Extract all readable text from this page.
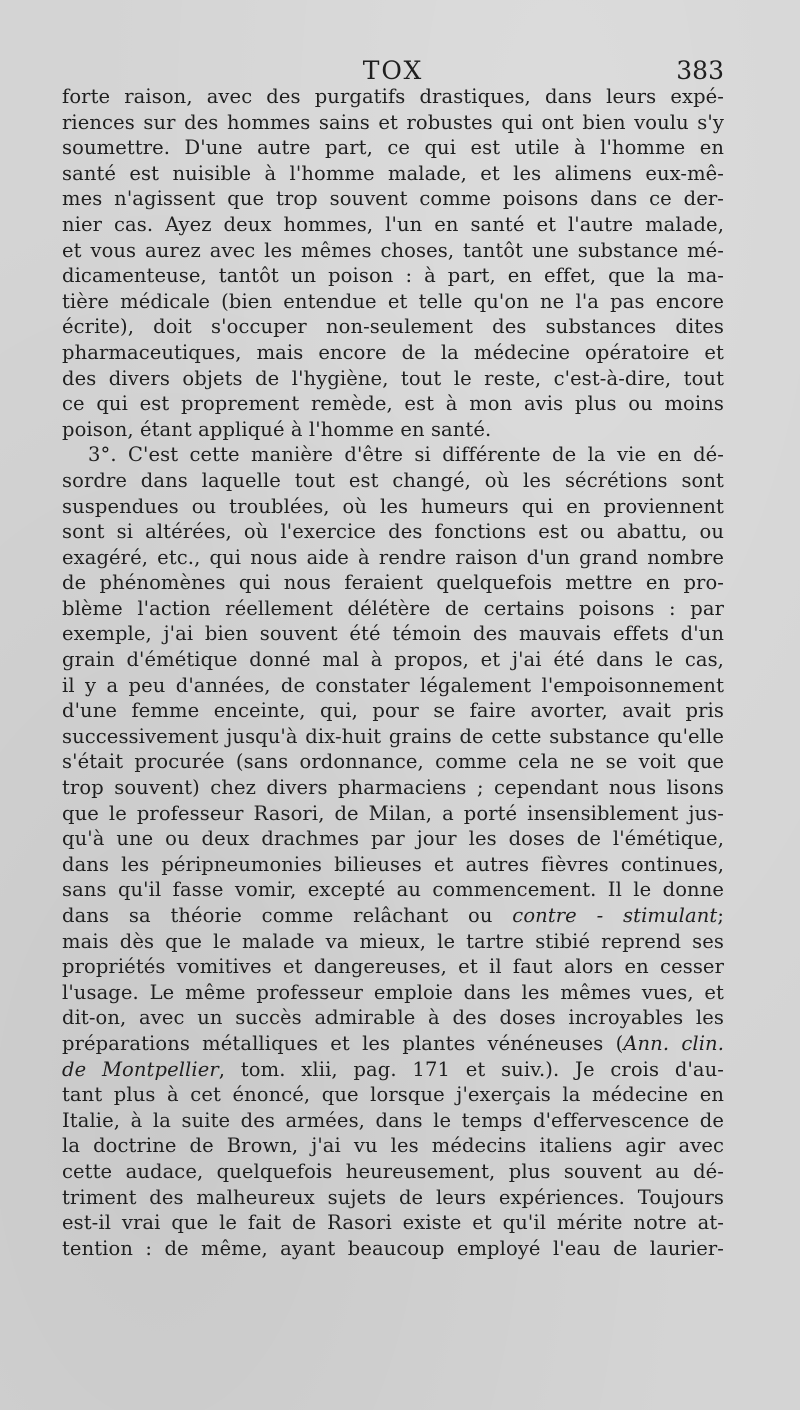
TOX	383
forte raison, avec des purgatifs drastiques, dans leurs expé-
riences sur des hommes sains et robustes qui ont bien voulu s'y
soumettre. D'une autre part, ce qui est utile à l'homme en
santé est nuisible à l'homme malade, et les alimens eux-mê-
mes n'agissent que trop souvent comme poisons dans ce der-
nier cas. Ayez deux hommes, l'un en santé et l'autre malade,
et vous aurez avec les mêmes choses, tantôt une substance mé-
dicamenteuse, tantôt un poison : à part, en effet, que la ma-
tière médicale (bien entendue et telle qu'on ne l'a pas encore
écrite), doit s'occuper non-seulement des substances dites
pharmaceutiques, mais encore de la médecine opératoire et
des divers objets de l'hygiène, tout le reste, c'est-à-dire, tout
ce qui est proprement remède, est à mon avis plus ou moins
poison, étant appliqué à l'homme en santé.
3°. C'est cette manière d'être si différente de la vie en dé-
sordre dans laquelle tout est changé, où les sécrétions sont
suspendues ou troublées, où les humeurs qui en proviennent
sont si altérées, où l'exercice des fonctions est ou abattu, ou
exagéré, etc., qui nous aide à rendre raison d'un grand nombre
de phénomènes qui nous feraient quelquefois mettre en pro-
blème l'action réellement délétère de certains poisons : par
exemple, j'ai bien souvent été témoin des mauvais effets d'un
grain d'émétique donné mal à propos, et j'ai été dans le cas,
il y a peu d'années, de constater légalement l'empoisonnement
d'une femme enceinte, qui, pour se faire avorter, avait pris
successivement jusqu'à dix-huit grains de cette substance qu'elle
s'était procurée (sans ordonnance, comme cela ne se voit que
trop souvent) chez divers pharmaciens ; cependant nous lisons
que le professeur Rasori, de Milan, a porté insensiblement jus-
qu'à une ou deux drachmes par jour les doses de l'émétique,
dans les péripneumonies bilieuses et autres fièvres continues,
sans qu'il fasse vomir, excepté au commencement. Il le donne
dans sa théorie comme relâchant ou contre - stimulant;
mais dès que le malade va mieux, le tartre stibié reprend ses
propriétés vomitives et dangereuses, et il faut alors en cesser
l'usage. Le même professeur emploie dans les mêmes vues, et
dit-on, avec un succès admirable à des doses incroyables les
préparations métalliques et les plantes vénéneuses (Ann. clin.
de Montpellier, tom. xlii, pag. 171 et suiv.). Je crois d'au-
tant plus à cet énoncé, que lorsque j'exerçais la médecine en
Italie, à la suite des armées, dans le temps d'effervescence de
la doctrine de Brown, j'ai vu les médecins italiens agir avec
cette audace, quelquefois heureusement, plus souvent au dé-
triment des malheureux sujets de leurs expériences. Toujours
est-il vrai que le fait de Rasori existe et qu'il mérite notre at-
tention : de même, ayant beaucoup employé l'eau de laurier-
